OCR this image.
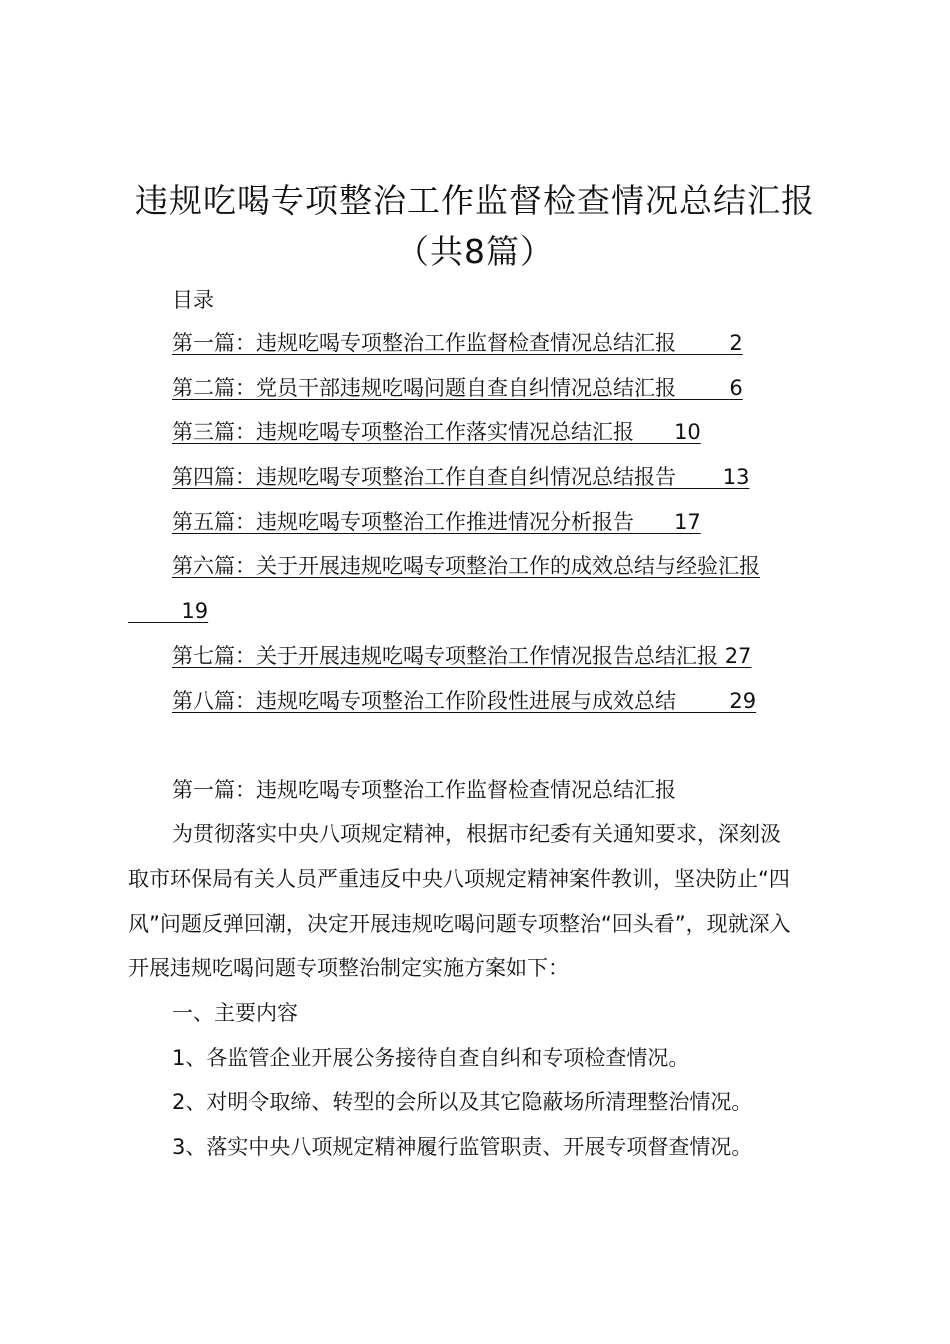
违规吃喝专项整治工作监督检查情况总结汇报
（共8篇）
目录
第一篇：违规吃喝专项整治工作监督检查情况总结汇报	2
第二篇：党员干部违规吃喝问题自查自纠情况总结汇报	6
第三篇：违规吃喝专项整治工作落实情况总结汇报 10
第四篇：违规吃喝专项整治工作自查自纠情况总结报告 13
第五篇：违规吃喝专项整治工作推进情况分析报告 17
第六篇：关于开展违规吃喝专项整治工作的成效总结与经验汇报
19
第七篇：关于开展违规吃喝专项整治工作情况报告总结汇报 27
第八篇：违规吃喝专项整治工作阶段性进展与成效总结	29
第一篇：违规吃喝专项整治工作监督检查情况总结汇报
为贯彻落实中央八项规定精神，根据市纪委有关通知要求，深刻汲
取市环保局有关人员严重违反中央八项规定精神案件教训，坚决防止“四
风”问题反弹回潮，决定开展违规吃喝问题专项整治“回头看”，现就深入
开展违规吃喝问题专项整治制定实施方案如下：
一、主要内容
1、各监管企业开展公务接待自查自纠和专项检查情况。
2、对明令取缔、转型的会所以及其它隐蔽场所清理整治情况。
3、落实中央八项规定精神履行监管职责、开展专项督查情况。
